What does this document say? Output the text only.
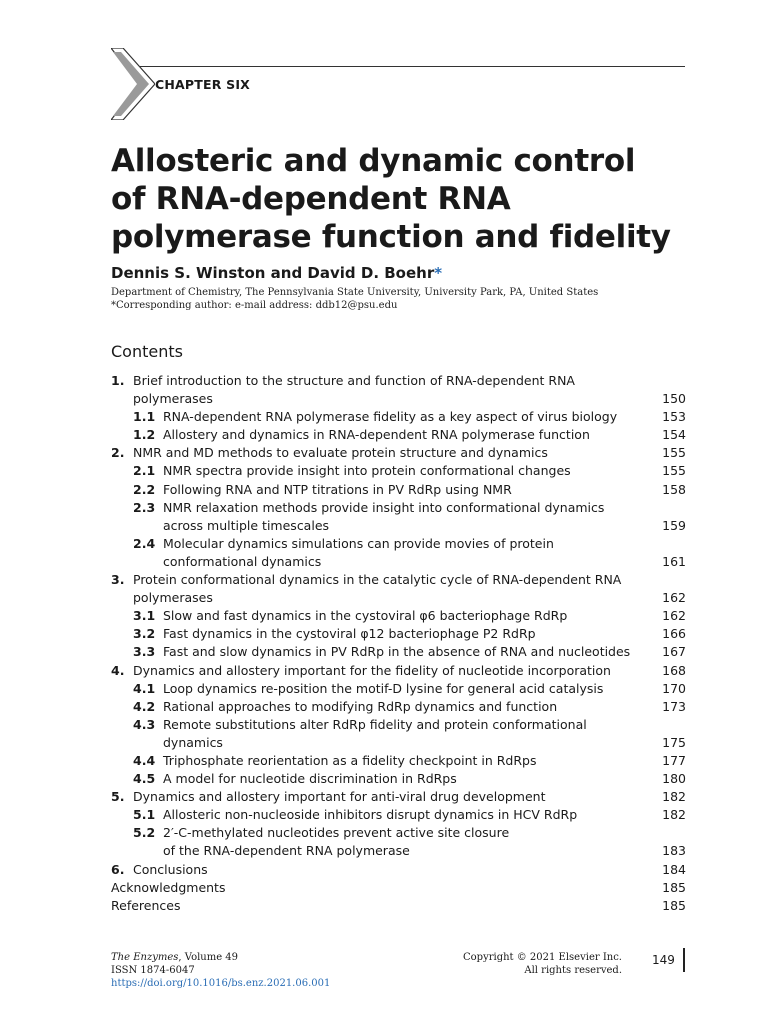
CHAPTER SIX
Allosteric and dynamic control
of RNA-dependent RNA
polymerase function and fidelity
Dennis S. Winston and David D. Boehr*
Department of Chemistry, The Pennsylvania State University, University Park, PA, United States
*Corresponding author: e-mail address: ddb12@psu.edu
Contents
1. Brief introduction to the structure and function of RNA-dependent RNA
polymerases	150
1.1 RNA-dependent RNA polymerase fidelity as a key aspect of virus biology	153
1.2 Allostery and dynamics in RNA-dependent RNA polymerase function	154
2. NMR and MD methods to evaluate protein structure and dynamics	155
2.1 NMR spectra provide insight into protein conformational changes	155
2.2 Following RNA and NTP titrations in PV RdRp using NMR	158
2.3 NMR relaxation methods provide insight into conformational dynamics
across multiple timescales	159
2.4 Molecular dynamics simulations can provide movies of protein
conformational dynamics	161
3. Protein conformational dynamics in the catalytic cycle of RNA-dependent RNA
polymerases	162
3.1 Slow and fast dynamics in the cystoviral φ6 bacteriophage RdRp	162
3.2 Fast dynamics in the cystoviral φ12 bacteriophage P2 RdRp	166
3.3 Fast and slow dynamics in PV RdRp in the absence of RNA and nucleotides	167
4. Dynamics and allostery important for the fidelity of nucleotide incorporation	168
4.1 Loop dynamics re-position the motif-D lysine for general acid catalysis	170
4.2 Rational approaches to modifying RdRp dynamics and function	173
4.3 Remote substitutions alter RdRp fidelity and protein conformational
dynamics	175
4.4 Triphosphate reorientation as a fidelity checkpoint in RdRps	177
4.5 A model for nucleotide discrimination in RdRps	180
5. Dynamics and allostery important for anti-viral drug development	182
5.1 Allosteric non-nucleoside inhibitors disrupt dynamics in HCV RdRp	182
5.2 2′-C-methylated nucleotides prevent active site closure
of the RNA-dependent RNA polymerase	183
6. Conclusions	184
Acknowledgments	185
References	185
The Enzymes, Volume 49
ISSN 1874-6047
https://doi.org/10.1016/bs.enz.2021.06.001
Copyright © 2021 Elsevier Inc.
All rights reserved.
149
